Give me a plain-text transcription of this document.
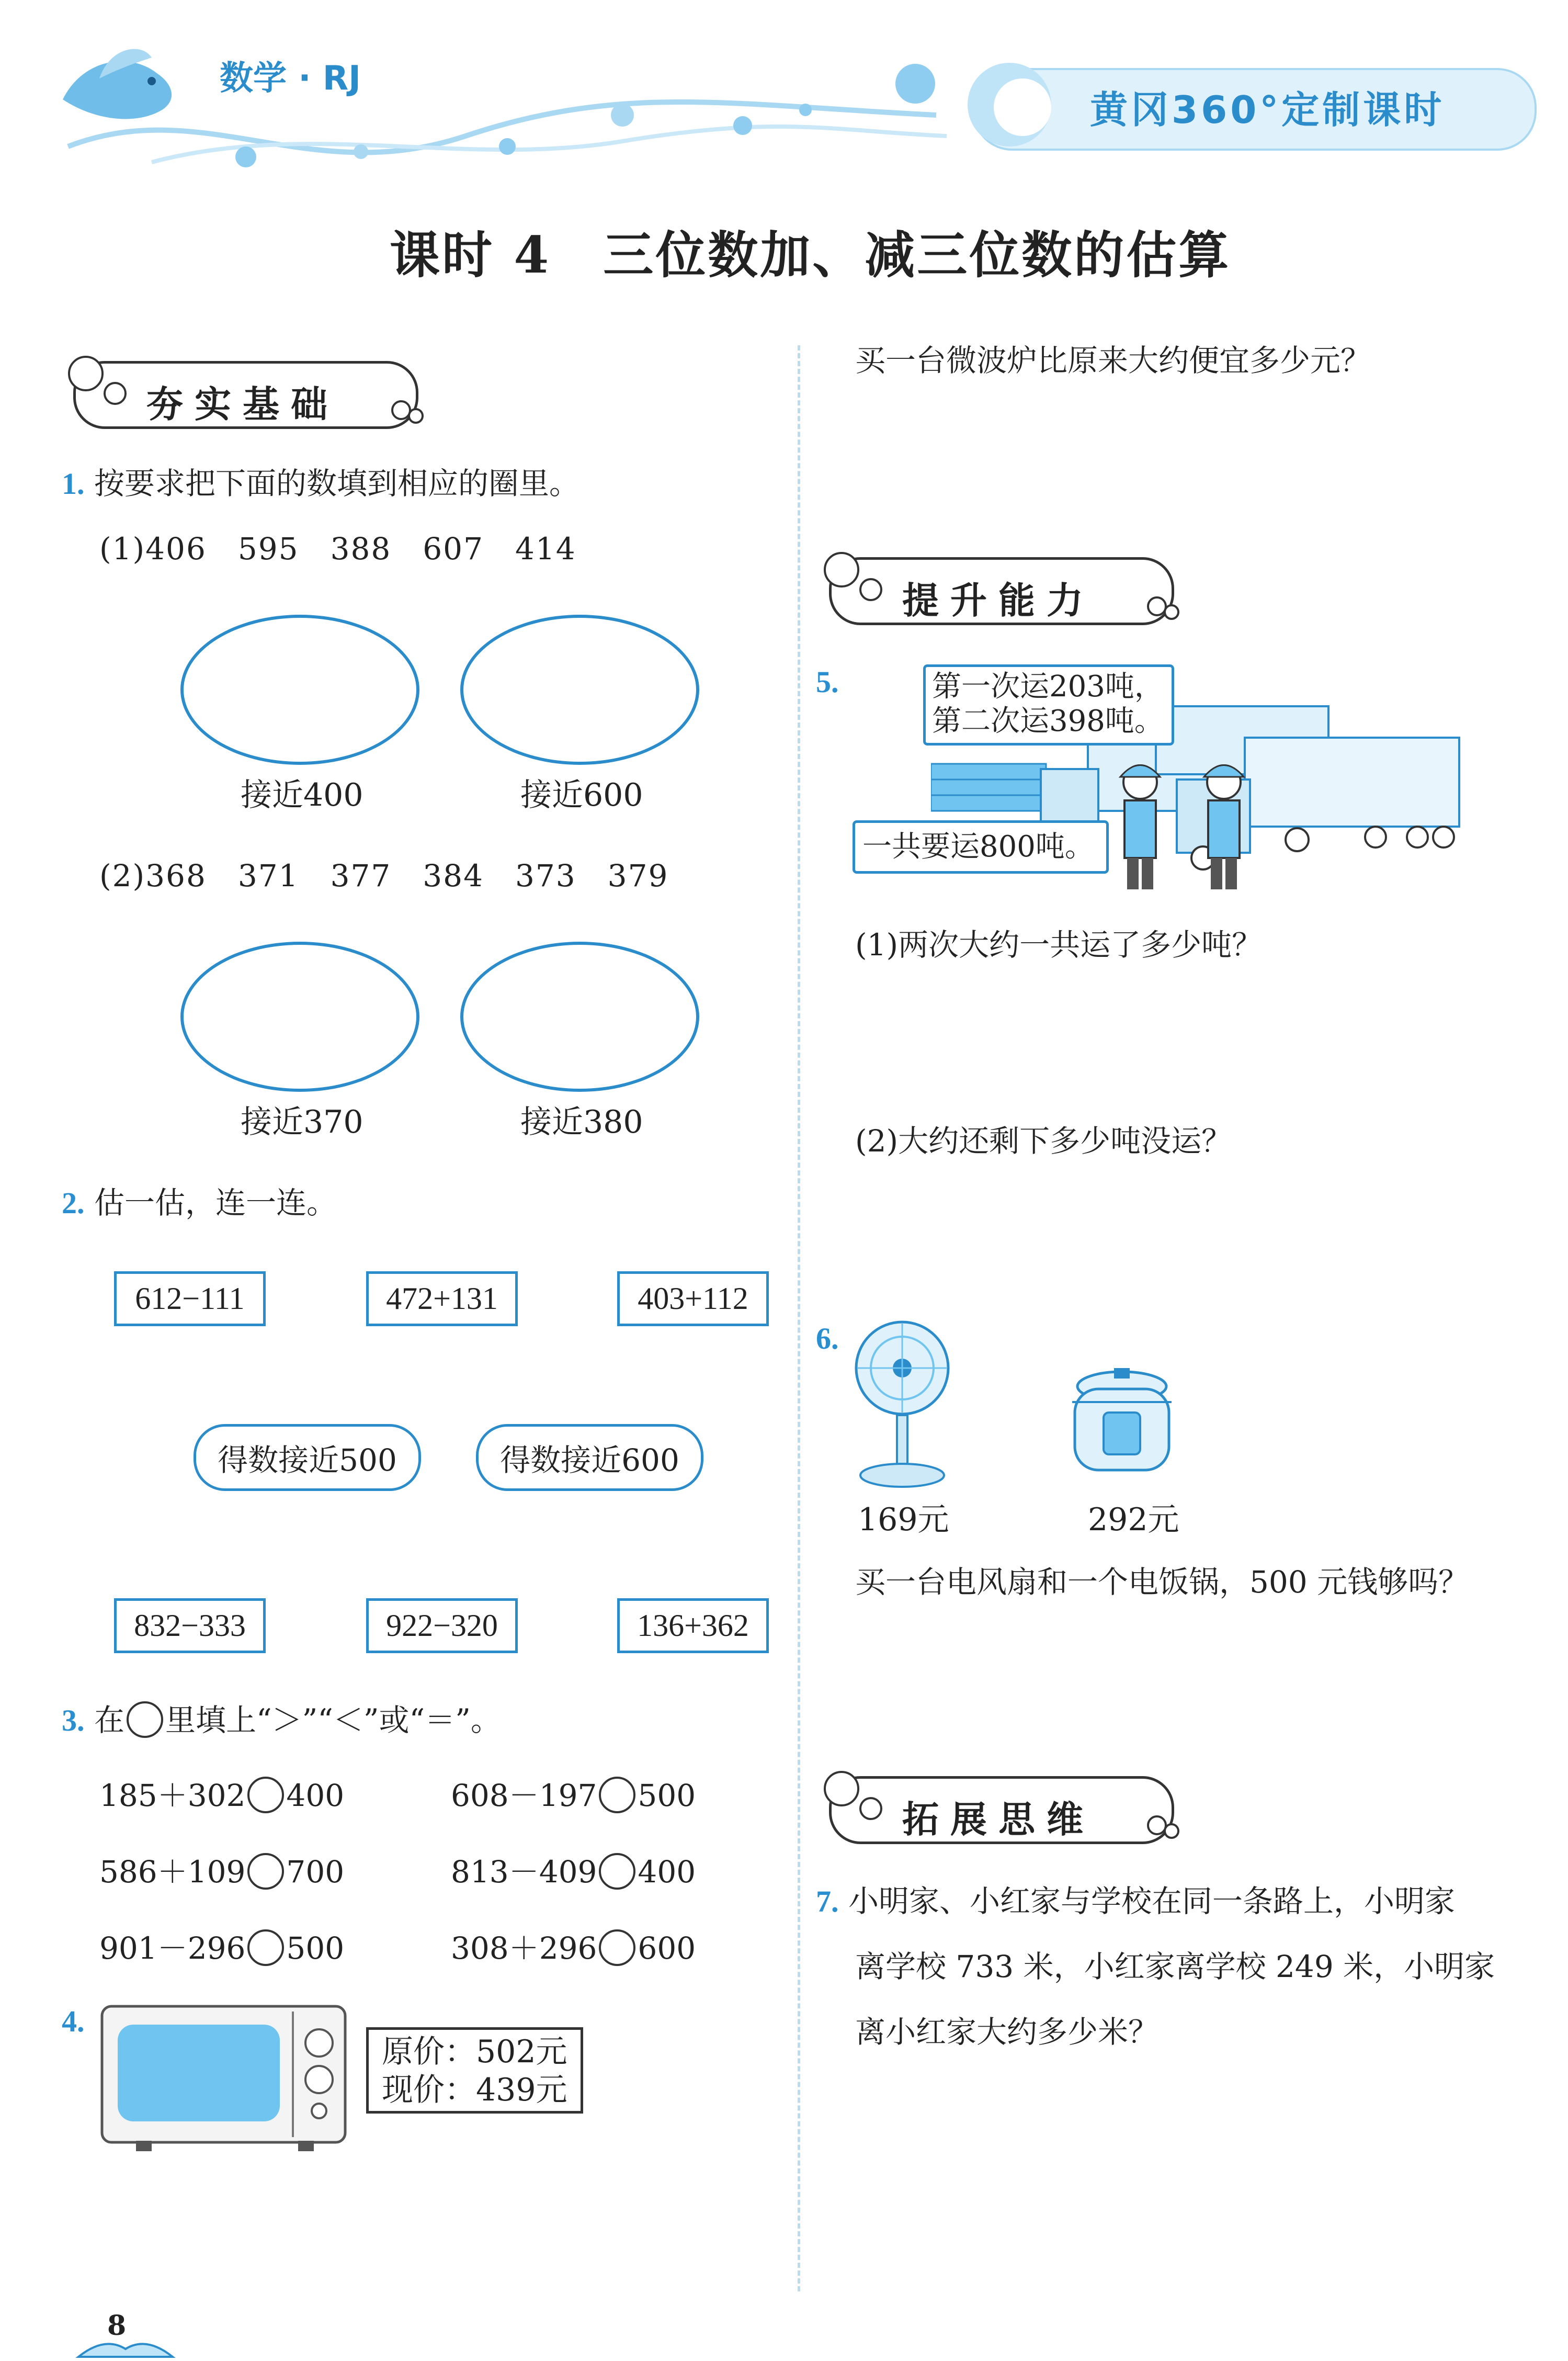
数学 · RJ
黄冈360°定制课时
课时 4　三位数加、减三位数的估算
夯实基础
1. 按要求把下面的数填到相应的圈里。
(1)406　595　388　607　414
接近400	接近600
(2)368　371　377　384　373　379
接近370	接近380
2. 估一估，连一连。
612−111	472+131	403+112
得数接近500	得数接近600
832−333	922−320	136+362
3. 在 里填上“＞”“＜”或“＝”。
185＋302 400	608－197 500
586＋109 700	813－409 400
901－296 500	308＋296 600
4.
原价：502元
现价：439元
买一台微波炉比原来大约便宜多少元？
提升能力
5.	第一次运203吨，
第二次运398吨。
一共要运800吨。
(1)两次大约一共运了多少吨？
(2)大约还剩下多少吨没运？
6.
169元	292元
买一台电风扇和一个电饭锅，500 元钱够吗？
拓展思维
7. 小明家、小红家与学校在同一条路上，小明家
离学校 733 米，小红家离学校 249 米，小明家
离小红家大约多少米？
8
